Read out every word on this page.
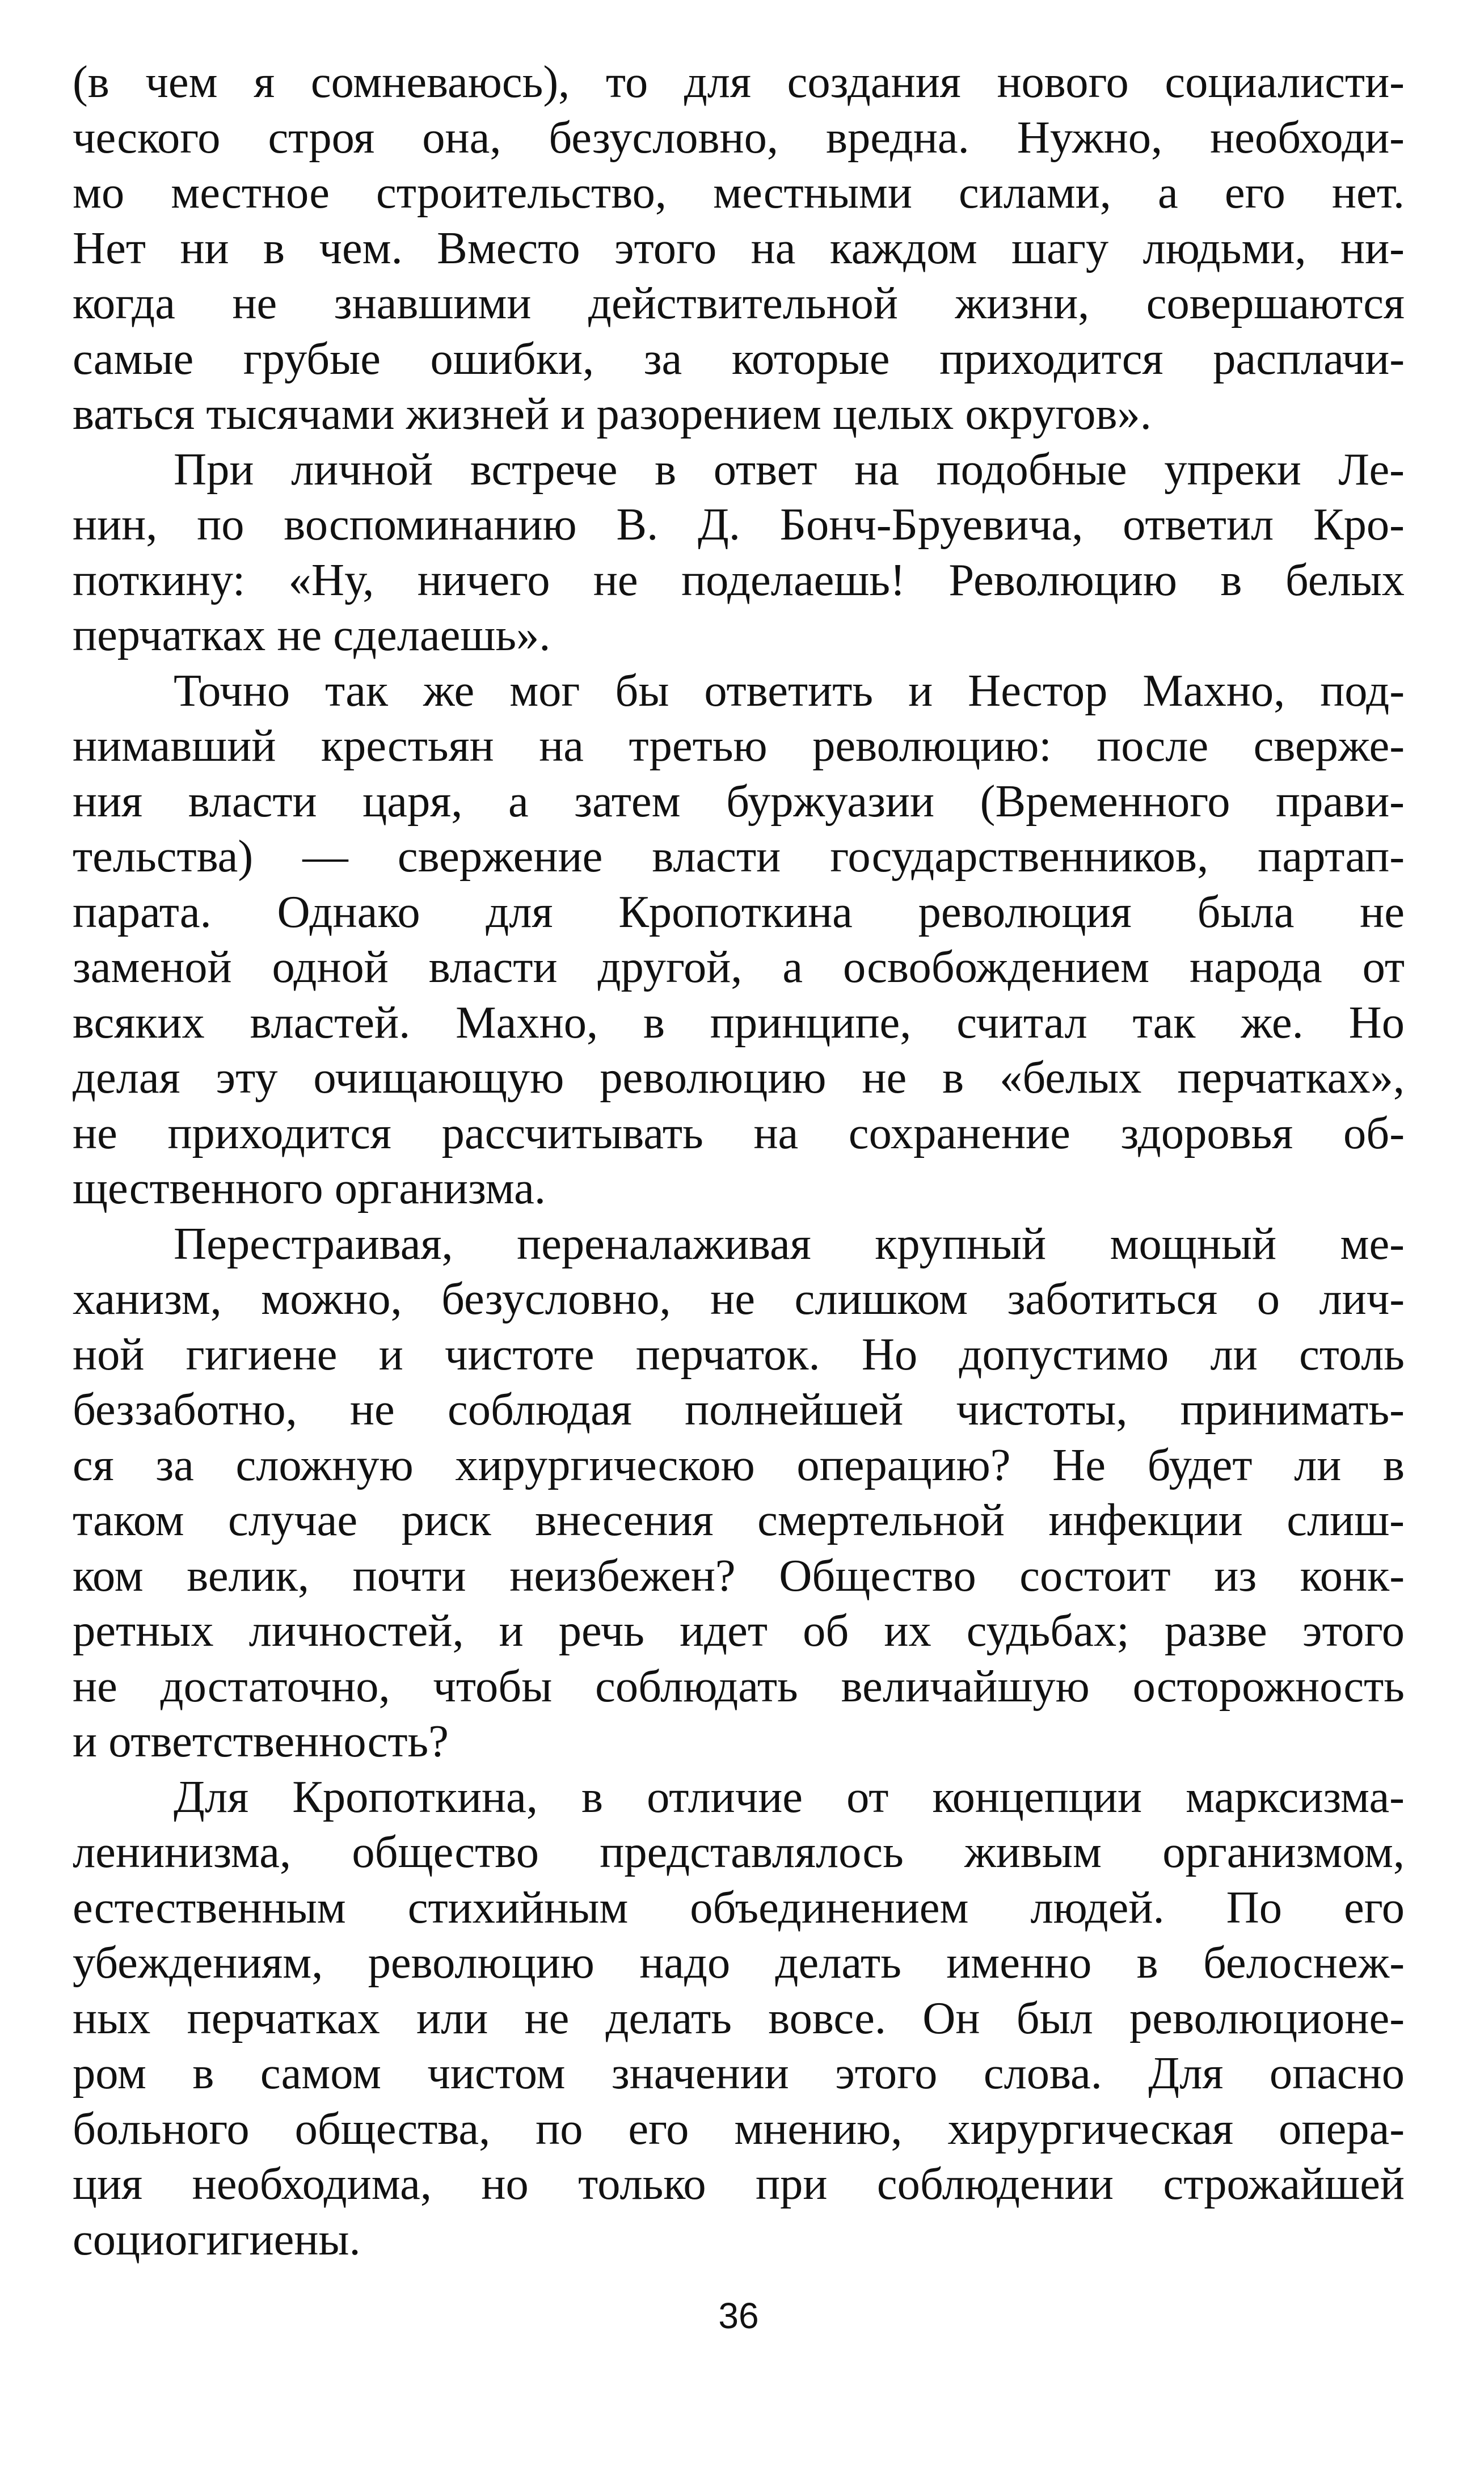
(в чем я сомневаюсь), то для создания нового социалисти-
ческого строя она, безусловно, вредна. Нужно, необходи-
мо местное строительство, местными силами, а его нет.
Нет ни в чем. Вместо этого на каждом шагу людьми, ни-
когда не знавшими действительной жизни, совершаются
самые грубые ошибки, за которые приходится расплачи-
ваться тысячами жизней и разорением целых округов».
При личной встрече в ответ на подобные упреки Ле-
нин, по воспоминанию В. Д. Бонч-Бруевича, ответил Кро-
поткину: «Ну, ничего не поделаешь! Революцию в белых
перчатках не сделаешь».
Точно так же мог бы ответить и Нестор Махно, под-
нимавший крестьян на третью революцию: после сверже-
ния власти царя, а затем буржуазии (Временного прави-
тельства) — свержение власти государственников, партап-
парата. Однако для Кропоткина революция была не
заменой одной власти другой, а освобождением народа от
всяких властей. Махно, в принципе, считал так же. Но
делая эту очищающую революцию не в «белых перчатках»,
не приходится рассчитывать на сохранение здоровья об-
щественного организма.
Перестраивая, переналаживая крупный мощный ме-
ханизм, можно, безусловно, не слишком заботиться о лич-
ной гигиене и чистоте перчаток. Но допустимо ли столь
беззаботно, не соблюдая полнейшей чистоты, принимать-
ся за сложную хирургическою операцию? Не будет ли в
таком случае риск внесения смертельной инфекции слиш-
ком велик, почти неизбежен? Общество состоит из конк-
ретных личностей, и речь идет об их судьбах; разве этого
не достаточно, чтобы соблюдать величайшую осторожность
и ответственность?
Для Кропоткина, в отличие от концепции марксизма-
ленинизма, общество представлялось живым организмом,
естественным стихийным объединением людей. По его
убеждениям, революцию надо делать именно в белоснеж-
ных перчатках или не делать вовсе. Он был революционе-
ром в самом чистом значении этого слова. Для опасно
больного общества, по его мнению, хирургическая опера-
ция необходима, но только при соблюдении строжайшей
социогигиены.
36
